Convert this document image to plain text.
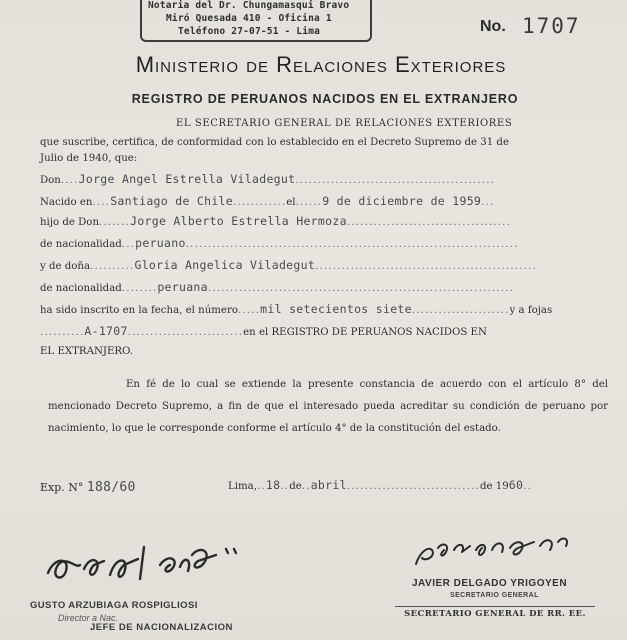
Notaria del Dr. Chungamasqui Bravo
Miró Quesada 410 - Oficina 1
Teléfono 27-07-51 - Lima	No. 1707
Ministerio de Relaciones Exteriores
REGISTRO DE PERUANOS NACIDOS EN EL EXTRANJERO
EL SECRETARIO GENERAL DE RELACIONES EXTERIORES
que suscribe, certifica, de conformidad con lo establecido en el Decreto Supremo de 31 de
Julio de 1940, que:
Don....Jorge Angel Estrella Viladegut.............................................
Nacido en....Santiago de Chile............el......9 de diciembre de 1959...
hijo de Don.......Jorge Alberto Estrella Hermoza.....................................
de nacionalidad...peruano...........................................................................
y de doña..........Gloria Angelica Viladegut..................................................
de nacionalidad........peruana.....................................................................
ha sido inscrito en la fecha, el número.....mil setecientos siete......................y a fojas
..........A-1707..........................en el REGISTRO DE PERUANOS NACIDOS EN
EL EXTRANJERO.
En fé de lo cual se extiende la presente constancia de acuerdo con el artículo 8° del mencionado Decreto Supremo, a fin de que el interesado pueda acreditar su condición de peruano por nacimiento, lo que le corresponde conforme el artículo 4° de la constitución del estado.
Exp. N° 188/60	Lima,..18..de..abril..............................de 1960..
JAVIER DELGADO YRIGOYEN
SECRETARIO GENERAL
SECRETARIO GENERAL DE RR. EE.
GUSTO ARZUBIAGA ROSPIGLIOSI
Director a Nac.
JEFE DE NACIONALIZACION
